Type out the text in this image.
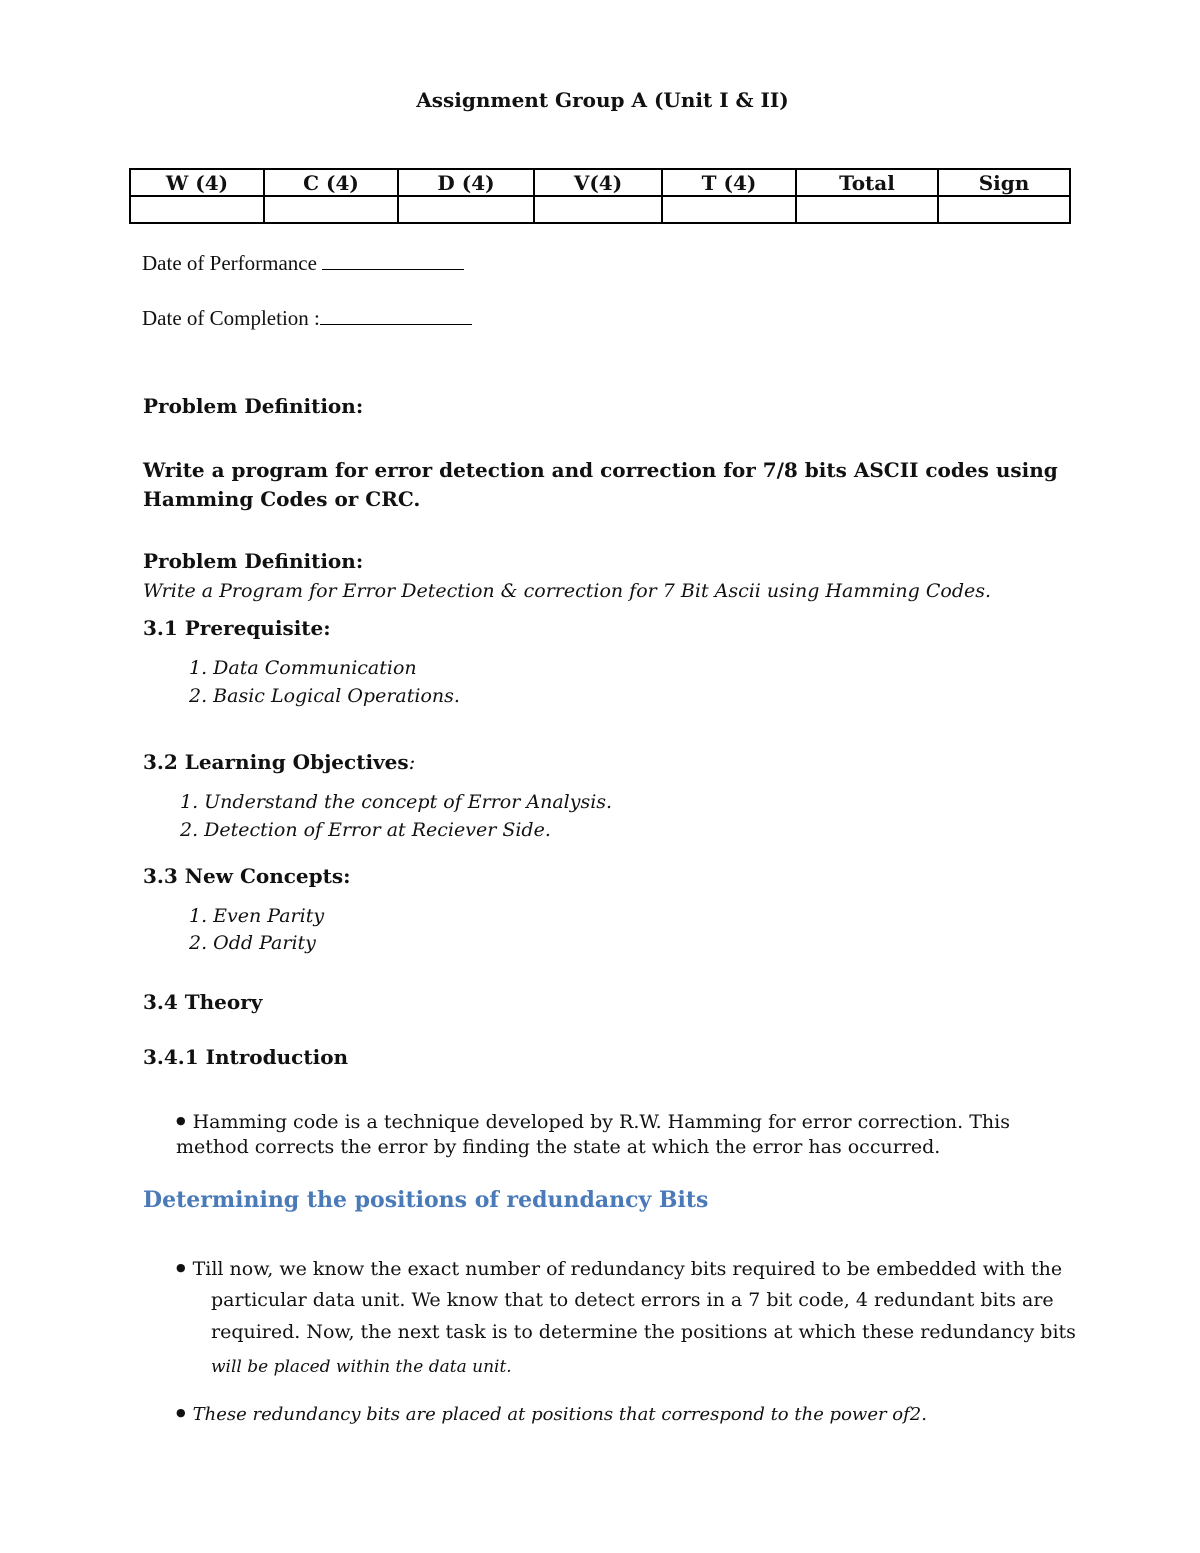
Assignment Group A (Unit I & II)
W (4)	C (4)	D (4)	V(4)	T (4)	Total	Sign

Date of Performance
Date of Completion :
Problem Definition:
Write a program for error detection and correction for 7/8 bits ASCII codes using
Hamming Codes or CRC.
Problem Definition:
Write a Program for Error Detection & correction for 7 Bit Ascii using Hamming Codes.
3.1 Prerequisite:
1. Data Communication
2. Basic Logical Operations.
3.2 Learning Objectives:
1. Understand the concept of Error Analysis.
2. Detection of Error at Reciever Side.
3.3 New Concepts:
1. Even Parity
2. Odd Parity
3.4 Theory
3.4.1 Introduction
● Hamming code is a technique developed by R.W. Hamming for error correction. This
method corrects the error by finding the state at which the error has occurred.
Determining the positions of redundancy Bits
● Till now, we know the exact number of redundancy bits required to be embedded with the
particular data unit. We know that to detect errors in a 7 bit code, 4 redundant bits are
required. Now, the next task is to determine the positions at which these redundancy bits
will be placed within the data unit.
● These redundancy bits are placed at positions that correspond to the power of2.
